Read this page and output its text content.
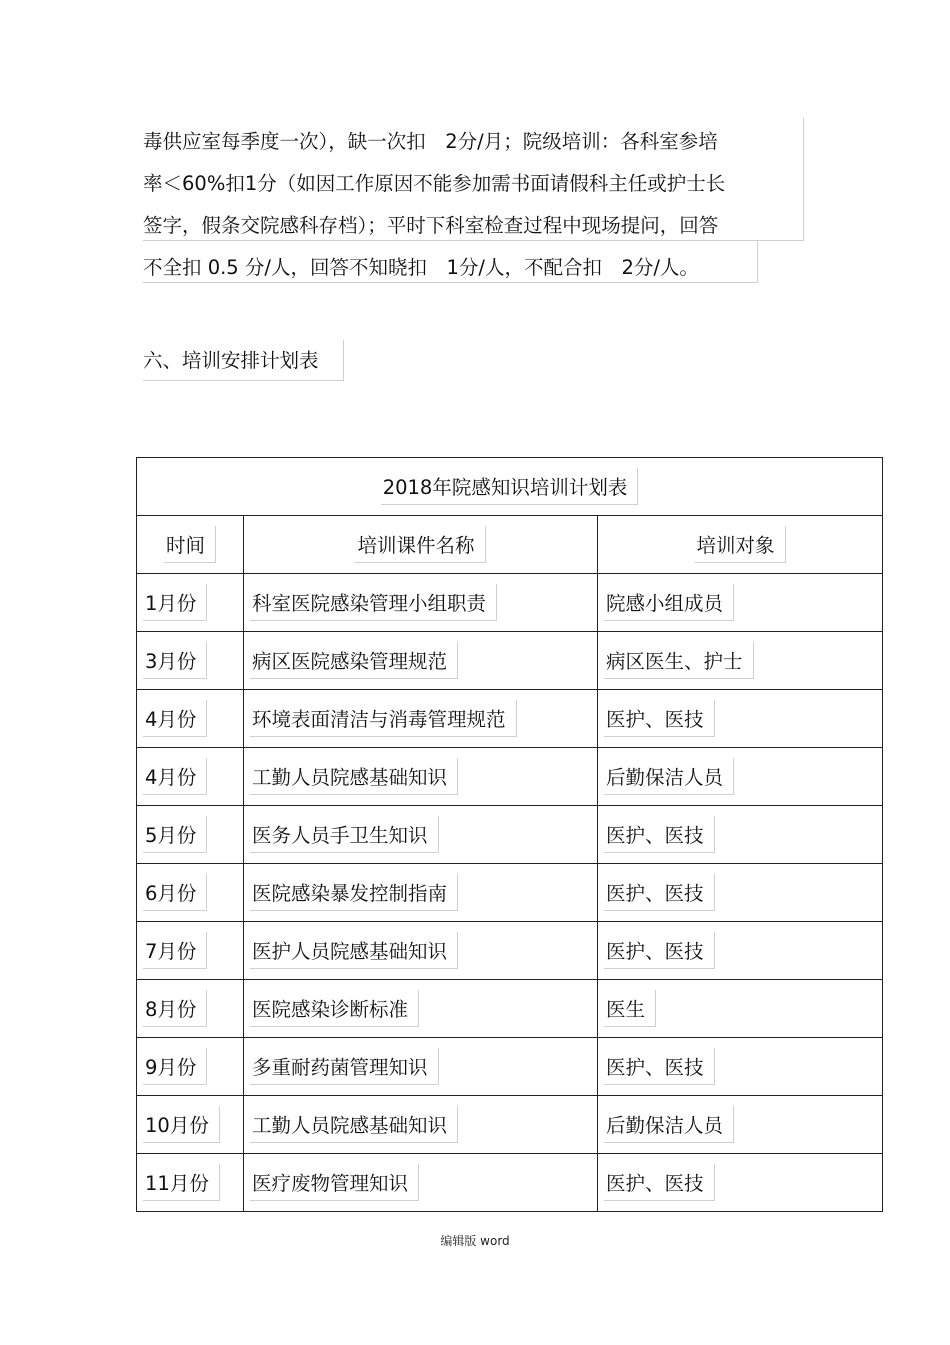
毒供应室每季度一次），缺一次扣　2分/月；院级培训：各科室参培
率＜60%扣1分（如因工作原因不能参加需书面请假科主任或护士长
签字，假条交院感科存档）；平时下科室检查过程中现场提问，回答
不全扣 0.5 分/人，回答不知晓扣　1分/人，不配合扣　2分/人。
六、培训安排计划表
2018年院感知识培训计划表		
时间	培训课件名称	培训对象
1月份	科室医院感染管理小组职责	院感小组成员
3月份	病区医院感染管理规范	病区医生、护士
4月份	环境表面清洁与消毒管理规范	医护、医技
4月份	工勤人员院感基础知识	后勤保洁人员
5月份	医务人员手卫生知识	医护、医技
6月份	医院感染暴发控制指南	医护、医技
7月份	医护人员院感基础知识	医护、医技
8月份	医院感染诊断标准	医生
9月份	多重耐药菌管理知识	医护、医技
10月份	工勤人员院感基础知识	后勤保洁人员
11月份	医疗废物管理知识	医护、医技
编辑版 word
